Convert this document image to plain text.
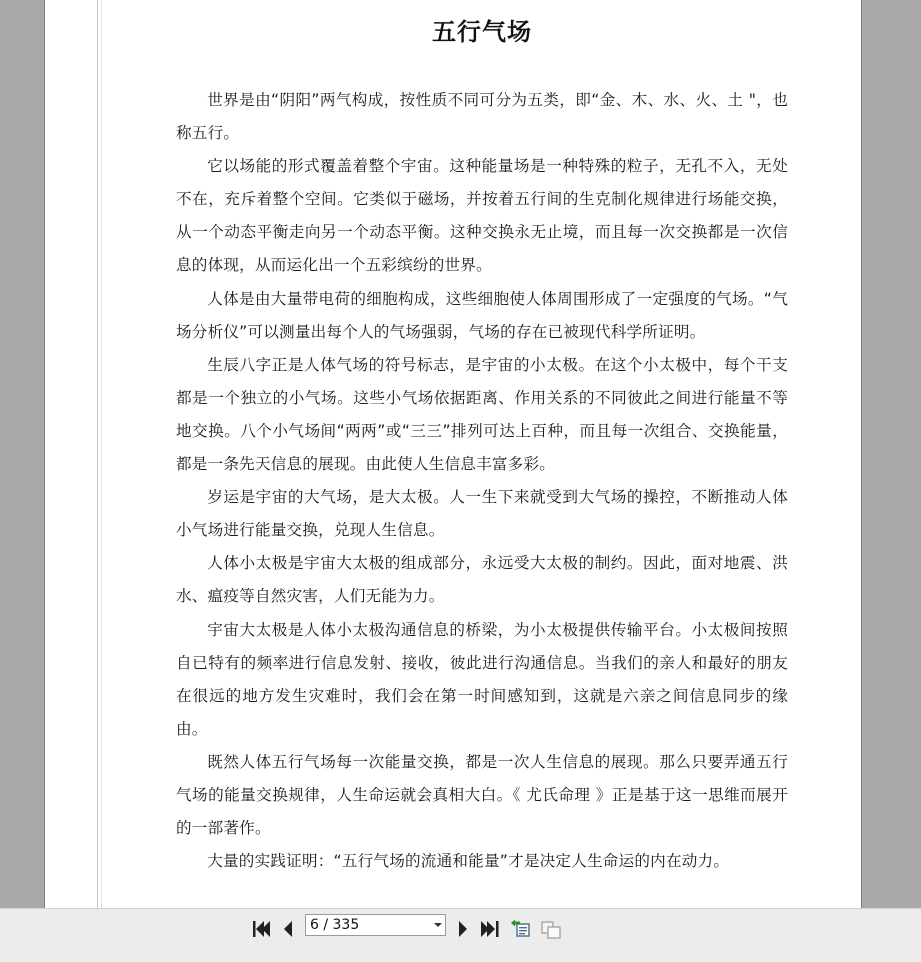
五行气场

世界是由“阴阳”两气构成，按性质不同可分为五类，即“金、木、水、火、土 "，也称五行。

它以场能的形式覆盖着整个宇宙。这种能量场是一种特殊的粒子，无孔不入，无处不在，充斥着整个空间。它类似于磁场，并按着五行间的生克制化规律进行场能交换，从一个动态平衡走向另一个动态平衡。这种交换永无止境，而且每一次交换都是一次信息的体现，从而运化出一个五彩缤纷的世界。

人体是由大量带电荷的细胞构成，这些细胞使人体周围形成了一定强度的气场。“气场分析仪”可以测量出每个人的气场强弱，气场的存在已被现代科学所证明。

生辰八字正是人体气场的符号标志，是宇宙的小太极。在这个小太极中，每个干支都是一个独立的小气场。这些小气场依据距离、作用关系的不同彼此之间进行能量不等地交换。八个小气场间“两两”或“三三”排列可达上百种，而且每一次组合、交换能量，都是一条先天信息的展现。由此使人生信息丰富多彩。

岁运是宇宙的大气场，是大太极。人一生下来就受到大气场的操控，不断推动人体小气场进行能量交换，兑现人生信息。

人体小太极是宇宙大太极的组成部分，永远受大太极的制约。因此，面对地震、洪水、瘟疫等自然灾害，人们无能为力。

宇宙大太极是人体小太极沟通信息的桥梁，为小太极提供传输平台。小太极间按照自已特有的频率进行信息发射、接收，彼此进行沟通信息。当我们的亲人和最好的朋友在很远的地方发生灾难时，我们会在第一时间感知到，这就是六亲之间信息同步的缘由。

既然人体五行气场每一次能量交换，都是一次人生信息的展现。那么只要弄通五行气场的能量交换规律，人生命运就会真相大白。《 尤氏命理 》正是基于这一思维而展开的一部著作。

大量的实践证明：“五行气场的流通和能量”才是决定人生命运的内在动力。

6 / 335
